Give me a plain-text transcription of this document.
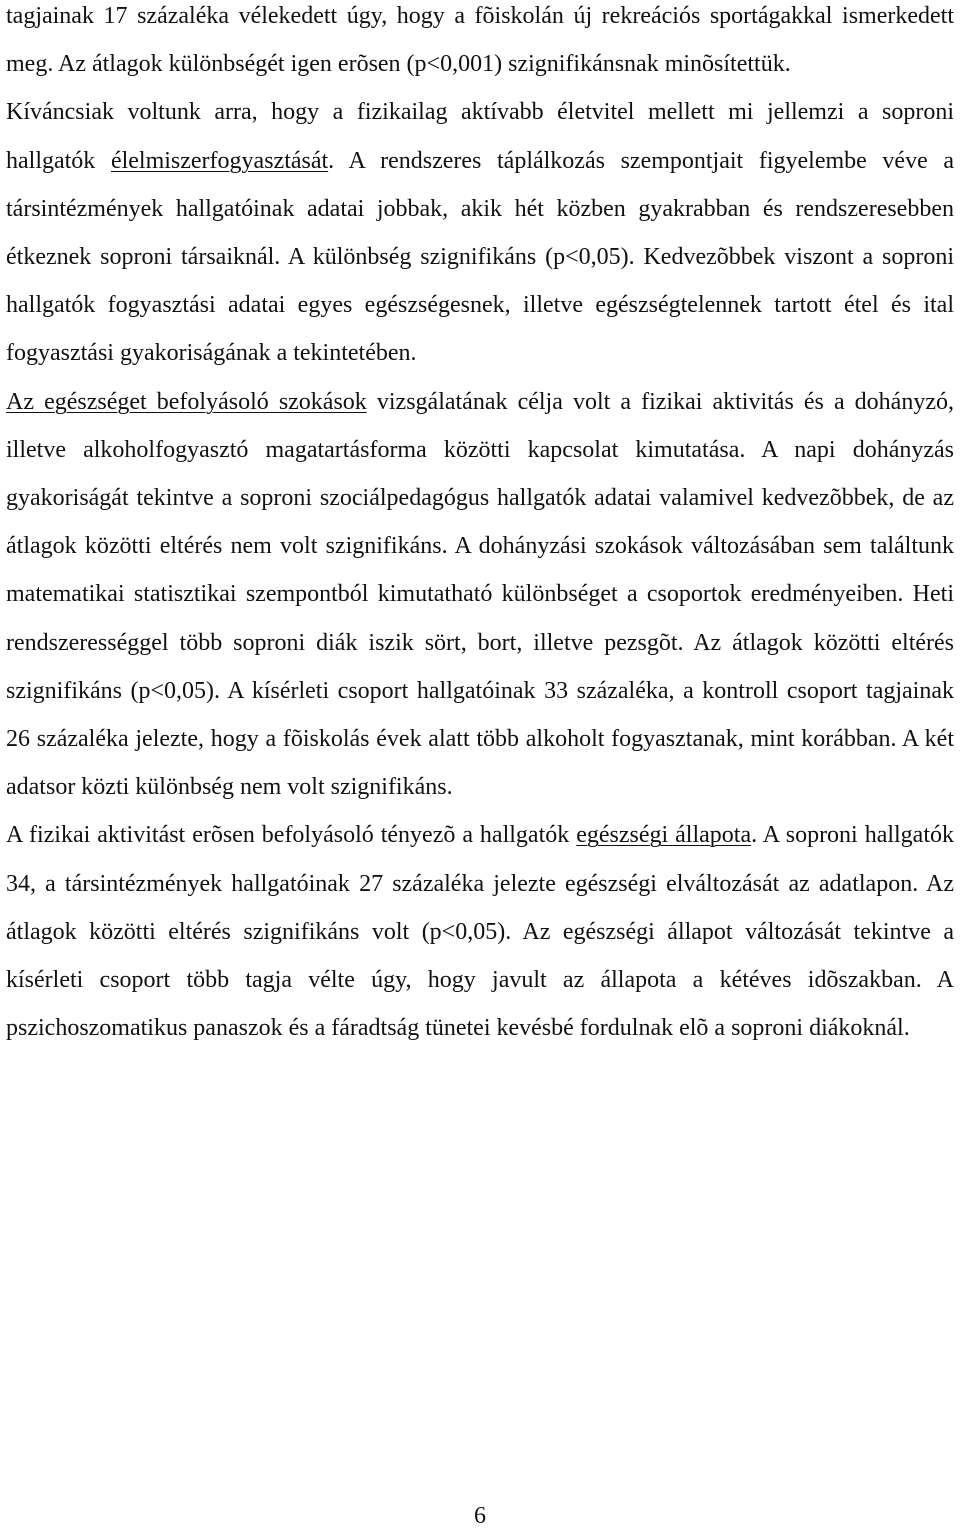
tagjainak 17 százaléka vélekedett úgy, hogy a fõiskolán új rekreációs sportágakkal ismerkedett meg. Az átlagok különbségét igen erõsen (p<0,001) szignifikánsnak minõsítettük.

Kíváncsiak voltunk arra, hogy a fizikailag aktívabb életvitel mellett mi jellemzi a soproni hallgatók élelmiszerfogyasztását. A rendszeres táplálkozás szempontjait figyelembe véve a társintézmények hallgatóinak adatai jobbak, akik hét közben gyakrabban és rendszeresebben étkeznek soproni társaiknál. A különbség szignifikáns (p<0,05). Kedvezõbbek viszont a soproni hallgatók fogyasztási adatai egyes egészségesnek, illetve egészségtelennek tartott étel és ital fogyasztási gyakoriságának a tekintetében.

Az egészséget befolyásoló szokások vizsgálatának célja volt a fizikai aktivitás és a dohányzó, illetve alkoholfogyasztó magatartásforma közötti kapcsolat kimutatása. A napi dohányzás gyakoriságát tekintve a soproni szociálpedagógus hallgatók adatai valamivel kedvezõbbek, de az átlagok közötti eltérés nem volt szignifikáns. A dohányzási szokások változásában sem találtunk matematikai statisztikai szempontból kimutatható különbséget a csoportok eredményeiben. Heti rendszerességgel több soproni diák iszik sört, bort, illetve pezsgõt. Az átlagok közötti eltérés szignifikáns (p<0,05). A kísérleti csoport hallgatóinak 33 százaléka, a kontroll csoport tagjainak 26 százaléka jelezte, hogy a fõiskolás évek alatt több alkoholt fogyasztanak, mint korábban. A két adatsor közti különbség nem volt szignifikáns.

A fizikai aktivitást erõsen befolyásoló tényezõ a hallgatók egészségi állapota. A soproni hallgatók 34, a társintézmények hallgatóinak 27 százaléka jelezte egészségi elváltozását az adatlapon. Az átlagok közötti eltérés szignifikáns volt (p<0,05). Az egészségi állapot változását tekintve a kísérleti csoport több tagja vélte úgy, hogy javult az állapota a kétéves idõszakban. A pszichoszomatikus panaszok és a fáradtság tünetei kevésbé fordulnak elõ a soproni diákoknál.

6
